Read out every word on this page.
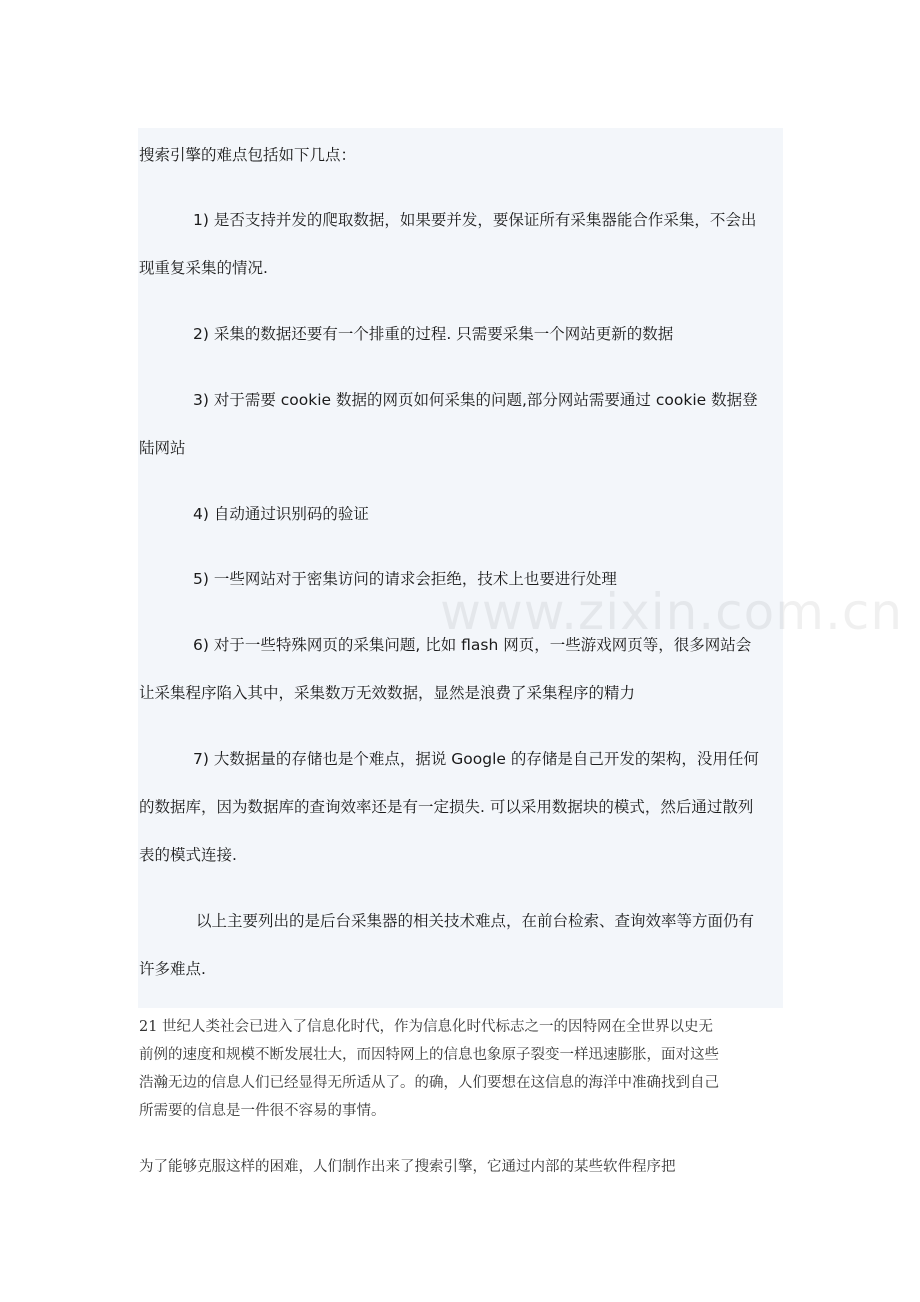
www.zixin.com.cn
搜索引擎的难点包括如下几点：
1) 是否支持并发的爬取数据，如果要并发，要保证所有采集器能合作采集，不会出
现重复采集的情况.
2) 采集的数据还要有一个排重的过程. 只需要采集一个网站更新的数据
3) 对于需要 cookie 数据的网页如何采集的问题,部分网站需要通过 cookie 数据登
陆网站
4) 自动通过识别码的验证
5) 一些网站对于密集访问的请求会拒绝，技术上也要进行处理
6) 对于一些特殊网页的采集问题, 比如 flash 网页，一些游戏网页等，很多网站会
让采集程序陷入其中，采集数万无效数据，显然是浪费了采集程序的精力
7) 大数据量的存储也是个难点，据说 Google 的存储是自己开发的架构，没用任何
的数据库，因为数据库的查询效率还是有一定损失. 可以采用数据块的模式，然后通过散列
表的模式连接.
以上主要列出的是后台采集器的相关技术难点，在前台检索、查询效率等方面仍有
许多难点.
21 世纪人类社会已进入了信息化时代，作为信息化时代标志之一的因特网在全世界以史无
前例的速度和规模不断发展壮大，而因特网上的信息也象原子裂变一样迅速膨胀，面对这些
浩瀚无边的信息人们已经显得无所适从了。的确，人们要想在这信息的海洋中准确找到自己
所需要的信息是一件很不容易的事情。
为了能够克服这样的困难，人们制作出来了搜索引擎，它通过内部的某些软件程序把
